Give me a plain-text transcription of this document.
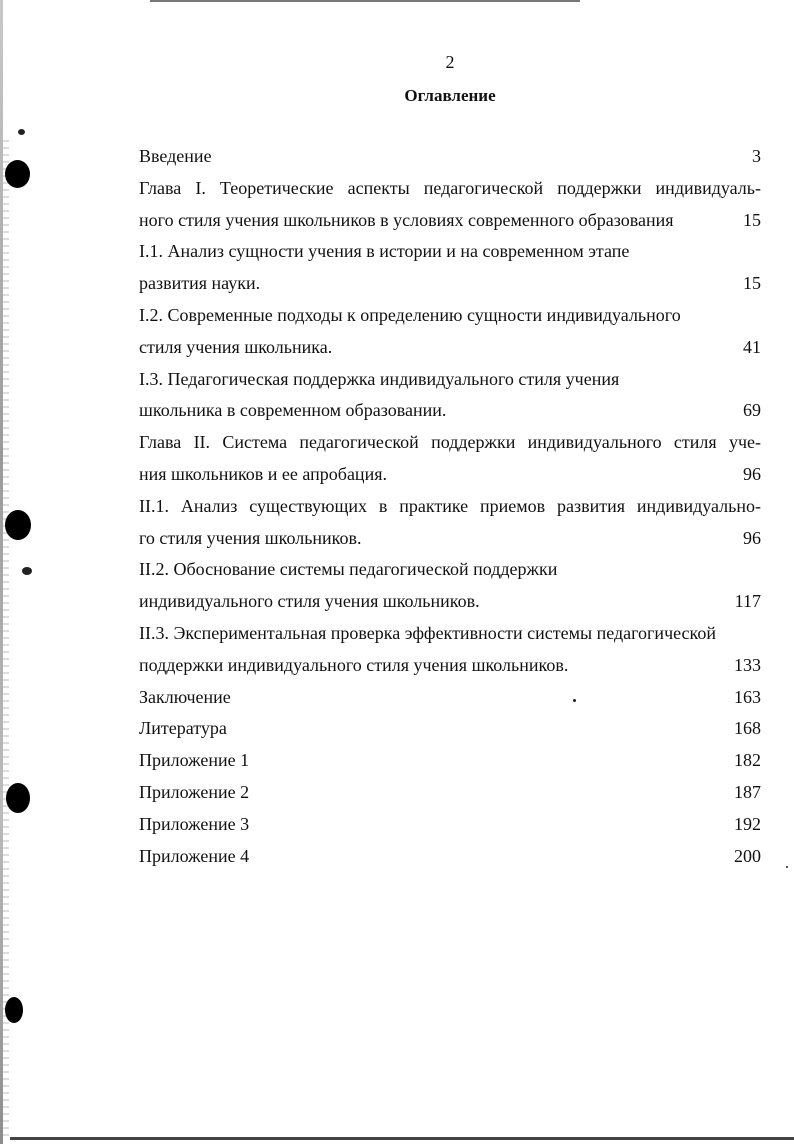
2
Оглавление
Введение	3
Глава I. Теоретические аспекты педагогической поддержки индивидуаль-
ного стиля учения школьников в условиях современного образования	15
I.1. Анализ сущности учения в истории и на современном этапе
развития науки.	15
I.2. Современные подходы к определению сущности индивидуального
стиля учения школьника.	41
I.3. Педагогическая поддержка индивидуального стиля учения
школьника в современном образовании.	69
Глава II. Система педагогической поддержки индивидуального стиля уче-
ния школьников и ее апробация.	96
II.1. Анализ существующих в практике приемов развития индивидуально-
го стиля учения школьников.	96
II.2. Обоснование системы педагогической поддержки
индивидуального стиля учения школьников.	117
II.3. Экспериментальная проверка эффективности системы педагогической
поддержки индивидуального стиля учения школьников.	133
Заключение	163
Литература	168
Приложение 1	182
Приложение 2	187
Приложение 3	192
Приложение 4	200
